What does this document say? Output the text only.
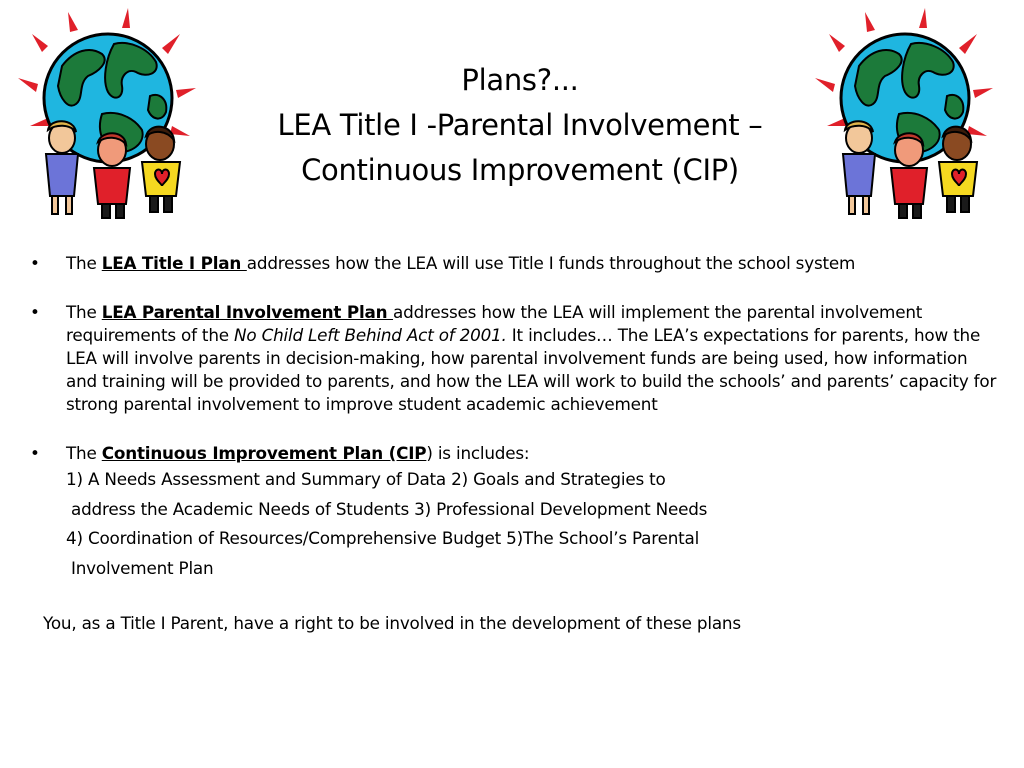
Plans?...
LEA Title I -Parental Involvement –
Continuous Improvement (CIP)
• The LEA Title I Plan addresses how the LEA will use Title I funds throughout the school system
• The LEA Parental Involvement Plan addresses how the LEA will implement the parental involvement requirements of the No Child Left Behind Act of 2001. It includes… The LEA’s expectations for parents, how the LEA will involve parents in decision-making, how parental involvement funds are being used, how information and training will be provided to parents, and how the LEA will work to build the schools’ and parents’ capacity for strong parental involvement to improve student academic achievement
• The Continuous Improvement Plan (CIP) is includes:
1) A Needs Assessment and Summary of Data 2) Goals and Strategies to
address the Academic Needs of Students 3) Professional Development Needs
4) Coordination of Resources/Comprehensive Budget 5)The School’s Parental
Involvement Plan
You, as a Title I Parent, have a right to be involved in the development of these plans
